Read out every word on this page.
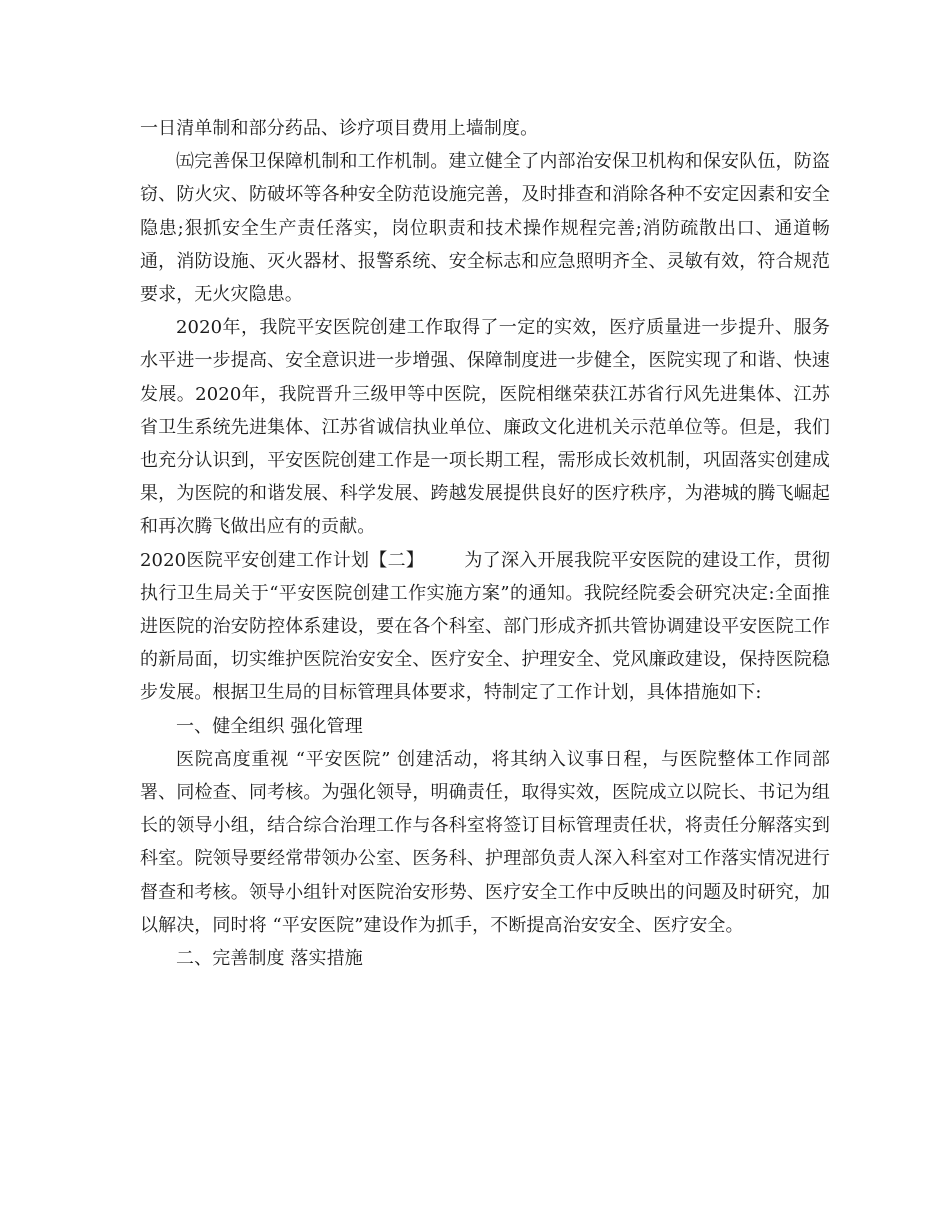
一日清单制和部分药品、诊疗项目费用上墙制度。

㈤完善保卫保障机制和工作机制。建立健全了内部治安保卫机构和保安队伍，防盗窃、防火灾、防破坏等各种安全防范设施完善，及时排查和消除各种不安定因素和安全隐患;狠抓安全生产责任落实，岗位职责和技术操作规程完善;消防疏散出口、通道畅通，消防设施、灭火器材、报警系统、安全标志和应急照明齐全、灵敏有效，符合规范要求，无火灾隐患。

2020年，我院平安医院创建工作取得了一定的实效，医疗质量进一步提升、服务水平进一步提高、安全意识进一步增强、保障制度进一步健全，医院实现了和谐、快速发展。2020年，我院晋升三级甲等中医院，医院相继荣获江苏省行风先进集体、江苏省卫生系统先进集体、江苏省诚信执业单位、廉政文化进机关示范单位等。但是，我们也充分认识到，平安医院创建工作是一项长期工程，需形成长效机制，巩固落实创建成果，为医院的和谐发展、科学发展、跨越发展提供良好的医疗秩序，为港城的腾飞崛起和再次腾飞做出应有的贡献。

2020医院平安创建工作计划【二】 为了深入开展我院平安医院的建设工作，贯彻执行卫生局关于“平安医院创建工作实施方案”的通知。我院经院委会研究决定:全面推进医院的治安防控体系建设，要在各个科室、部门形成齐抓共管协调建设平安医院工作的新局面，切实维护医院治安安全、医疗安全、护理安全、党风廉政建设，保持医院稳步发展。根据卫生局的目标管理具体要求，特制定了工作计划，具体措施如下:

一、健全组织 强化管理

医院高度重视 “平安医院” 创建活动，将其纳入议事日程，与医院整体工作同部署、同检查、同考核。为强化领导，明确责任，取得实效，医院成立以院长、书记为组长的领导小组，结合综合治理工作与各科室将签订目标管理责任状，将责任分解落实到科室。院领导要经常带领办公室、医务科、护理部负责人深入科室对工作落实情况进行督查和考核。领导小组针对医院治安形势、医疗安全工作中反映出的问题及时研究，加以解决，同时将 “平安医院”建设作为抓手，不断提高治安安全、医疗安全。

二、完善制度 落实措施
